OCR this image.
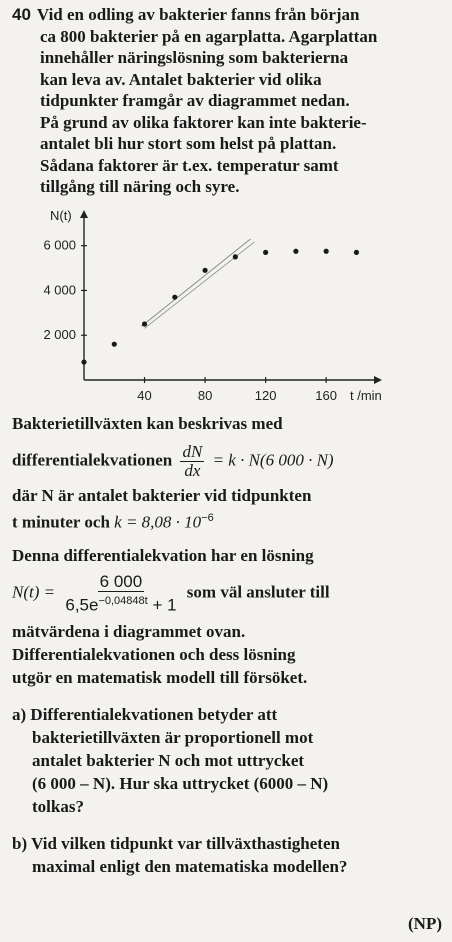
40 Vid en odling av bakterier fanns från början
ca 800 bakterier på en agarplatta. Agarplattan
innehåller näringslösning som bakterierna
kan leva av. Antalet bakterier vid olika
tidpunkter framgår av diagrammet nedan.
På grund av olika faktorer kan inte bakterie-
antalet bli hur stort som helst på plattan.
Sådana faktorer är t.ex. temperatur samt
tillgång till näring och syre.
N(t)
t /min
2 000
4 000
6 000
40	80	120	160
Bakterietillväxten kan beskrivas med
differentialekvationen $\frac{dN}{dx} = k \cdot N(6$ 000 · N)
där N är antalet bakterier vid tidpunkten
t minuter och $k = 8,08 \cdot 10^{-6}$
Denna differentialekvation har en lösning
$N(t) = \frac{6 000}{6,5e^{-0,04848t} + 1}$ som väl ansluter till
mätvärdena i diagrammet ovan.
Differentialekvationen och dess lösning
utgör en matematisk modell till försöket.
a) Differentialekvationen betyder att
bakterietillväxten är proportionell mot
antalet bakterier N och mot uttrycket
(6 000 – N). Hur ska uttrycket (6000 – N)
tolkas?
b) Vid vilken tidpunkt var tillväxthastigheten
maximal enligt den matematiska modellen?
(NP)
